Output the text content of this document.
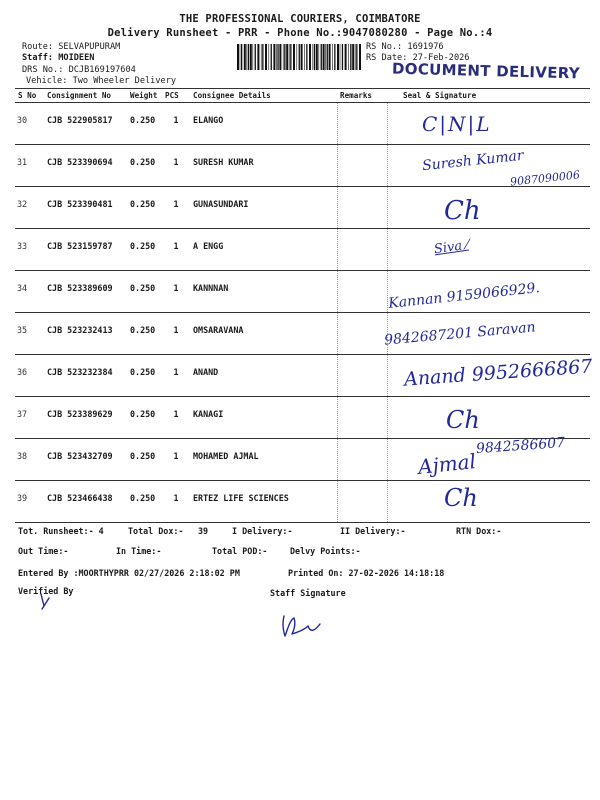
THE PROFESSIONAL COURIERS, COIMBATORE
Delivery Runsheet - PRR - Phone No.:9047080280 - Page No.:4
Route: SELVAPUPURAM
Staff: MOIDEEN
DRS No.: DCJB169197604
Vehicle: Two Wheeler Delivery
RS No.: 1691976
RS Date: 27-Feb-2026
DOCUMENT DELIVERY
S No	Consignment No	Weight	PCS	Consignee Details	Remarks	Seal & Signature
30	CJB 522905817	0.250	1	ELANGO		
31	CJB 523390694	0.250	1	SURESH KUMAR		
32	CJB 523390481	0.250	1	GUNASUNDARI		
33	CJB 523159787	0.250	1	A ENGG		
34	CJB 523389609	0.250	1	KANNNAN		
35	CJB 523232413	0.250	1	OMSARAVANA		
36	CJB 523232384	0.250	1	ANAND		
37	CJB 523389629	0.250	1	KANAGI		
38	CJB 523432709	0.250	1	MOHAMED AJMAL		
39	CJB 523466438	0.250	1	ERTEZ LIFE SCIENCES		
C|N|L
Suresh Kumar
9087090006
Ch
Siva ⁄
Kannan 9159066929.
9842687201 Saravan
Anand 9952666867
Ch
9842586607
Ajmal
Ch
Tot. Runsheet:- 4	Total Dox:- 39	I Delivery:-	II Delivery:-	RTN Dox:-
Out Time:-	In Time:-	Total POD:-	Delvy Points:-
Entered By :MOORTHYPRR 02/27/2026 2:18:02 PM	Printed On: 27-02-2026 14:18:18
Verified By	Staff Signature
